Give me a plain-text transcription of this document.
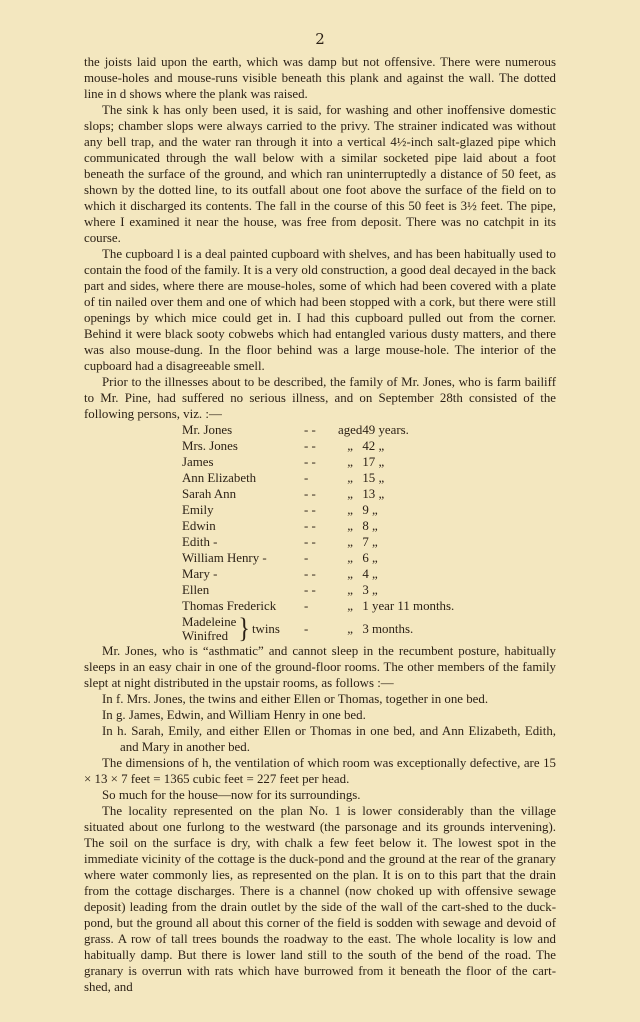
2

the joists laid upon the earth, which was damp but not offensive. There were numerous mouse-holes and mouse-runs visible beneath this plank and against the wall. The dotted line in d shows where the plank was raised.

The sink k has only been used, it is said, for washing and other inoffensive domestic slops; chamber slops were always carried to the privy. The strainer indicated was without any bell trap, and the water ran through it into a vertical 4½-inch salt-glazed pipe which communicated through the wall below with a similar socketed pipe laid about a foot beneath the surface of the ground, and which ran uninterruptedly a distance of 50 feet, as shown by the dotted line, to its outfall about one foot above the surface of the field on to which it discharged its contents. The fall in the course of this 50 feet is 3½ feet. The pipe, where I examined it near the house, was free from deposit. There was no catchpit in its course.

The cupboard l is a deal painted cupboard with shelves, and has been habitually used to contain the food of the family. It is a very old construction, a good deal decayed in the back part and sides, where there are mouse-holes, some of which had been covered with a plate of tin nailed over them and one of which had been stopped with a cork, but there were still openings by which mice could get in. I had this cupboard pulled out from the corner. Behind it were black sooty cobwebs which had entangled various dusty matters, and there was also mouse-dung. In the floor behind was a large mouse-hole. The interior of the cupboard had a disagreeable smell.

Prior to the illnesses about to be described, the family of Mr. Jones, who is farm bailiff to Mr. Pine, had suffered no serious illness, and on September 28th consisted of the following persons, viz. :—

Mr. Jones	- -	aged	49 years.
Mrs. Jones	- -	„	42 „
James	- -	„	17 „
Ann Elizabeth	-	„	15 „
Sarah Ann	- -	„	13 „
Emily	- -	„	9 „
Edwin	- -	„	8 „
Edith -	- -	„	7 „
William Henry -	-	„	6 „
Mary -	- -	„	4 „
Ellen	- -	„	3 „
Thomas Frederick	-	„	1 year 11 months.

Madeleine
Winifred } twins	-	„	3 months.

Mr. Jones, who is “asthmatic” and cannot sleep in the recumbent posture, habitually sleeps in an easy chair in one of the ground-floor rooms. The other members of the family slept at night distributed in the upstair rooms, as follows :—

In f. Mrs. Jones, the twins and either Ellen or Thomas, together in one bed.

In g. James, Edwin, and William Henry in one bed.

In h. Sarah, Emily, and either Ellen or Thomas in one bed, and Ann Elizabeth, Edith, and Mary in another bed.

The dimensions of h, the ventilation of which room was exceptionally defective, are 15 × 13 × 7 feet = 1365 cubic feet = 227 feet per head.

So much for the house—now for its surroundings.

The locality represented on the plan No. 1 is lower considerably than the village situated about one furlong to the westward (the parsonage and its grounds intervening). The soil on the surface is dry, with chalk a few feet below it. The lowest spot in the immediate vicinity of the cottage is the duck-pond and the ground at the rear of the granary where water commonly lies, as represented on the plan. It is on to this part that the drain from the cottage discharges. There is a channel (now choked up with offensive sewage deposit) leading from the drain outlet by the side of the wall of the cart-shed to the duck-pond, but the ground all about this corner of the field is sodden with sewage and devoid of grass. A row of tall trees bounds the roadway to the east. The whole locality is low and habitually damp. But there is lower land still to the south of the bend of the road. The granary is overrun with rats which have burrowed from it beneath the floor of the cart-shed, and
